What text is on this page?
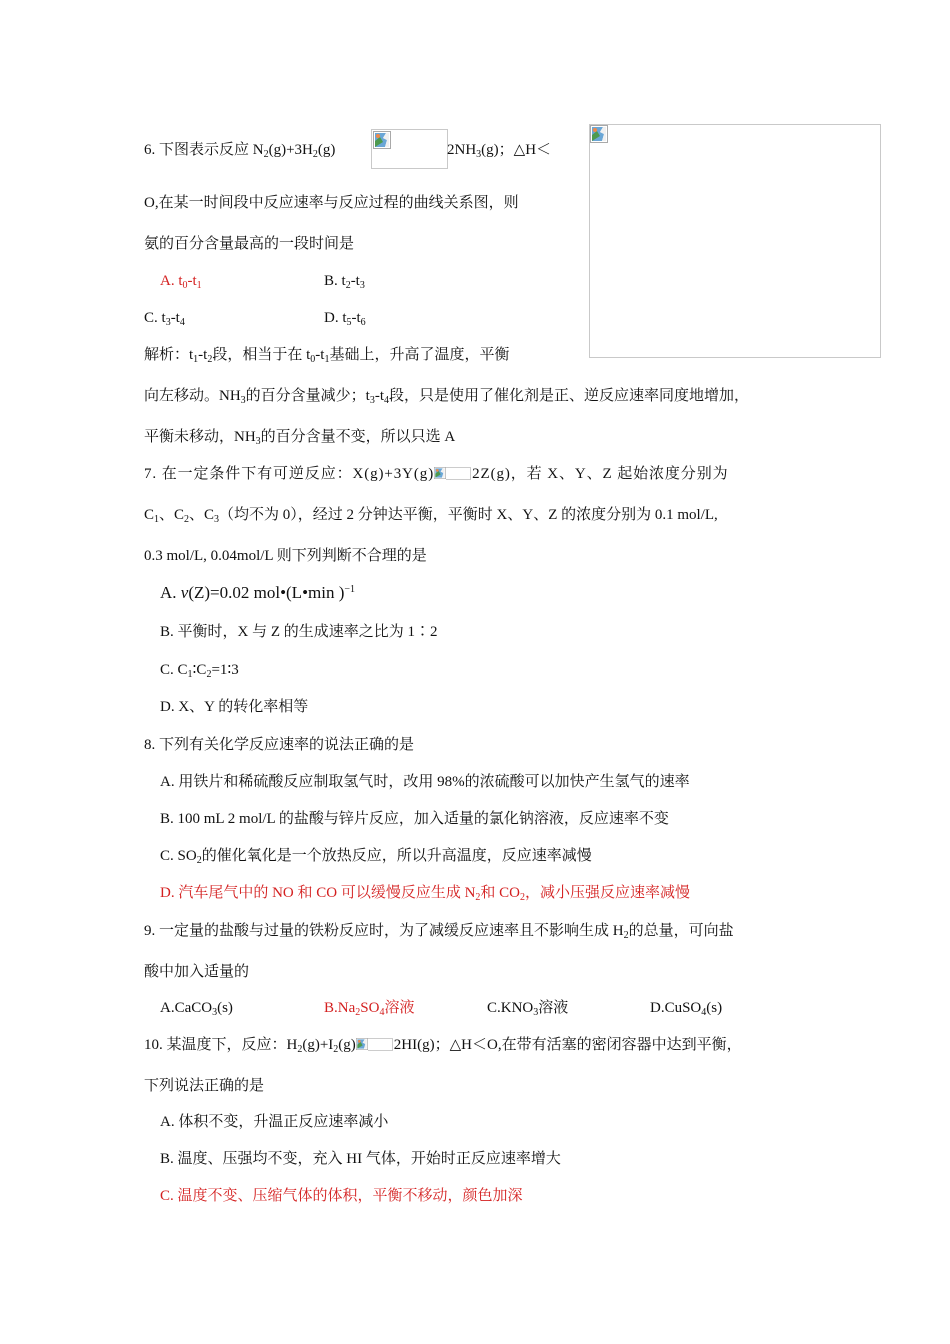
6. 下图表示反应 $N_2(g)+3H_2(g)$	$2NH_3(g)$；△H＜
O,在某一时间段中反应速率与反应过程的曲线关系图，则
氨的百分含量最高的一段时间是
A. $t_0-t_1$	B. $t_2-t_3$
C. $t_3-t_4$	D. $t_5-t_6$
解析：$t_1-t_2$段，相当于在 $t_0-t_1$基础上，升高了温度，平衡
向左移动。$NH_3$的百分含量减少；$t_3-t_4$段，只是使用了催化剂是正、逆反应速率同度地增加，
平衡未移动，$NH_3$的百分含量不变，所以只选 A
7. 在一定条件下有可逆反应：X(g)+3Y(g)	2Z(g)，若 X、Y、Z 起始浓度分别为
$C_1$、$C_2$、$C_3$（均不为 0），经过 2 分钟达平衡，平衡时 X、Y、Z 的浓度分别为 0.1 mol/L,
0.3 mol/L, 0.04mol/L 则下列判断不合理的是
A. v(Z)=0.02 mol•(L•min )$^{-1}$
B. 平衡时，X 与 Z 的生成速率之比为 1∶2
C. $C_1∶C_2=1∶3$
D. X、Y 的转化率相等
8. 下列有关化学反应速率的说法正确的是
A. 用铁片和稀硫酸反应制取氢气时，改用 98%的浓硫酸可以加快产生氢气的速率
B. 100 mL 2 mol/L 的盐酸与锌片反应，加入适量的氯化钠溶液，反应速率不变
C. $SO_2$的催化氧化是一个放热反应，所以升高温度，反应速率减慢
D. 汽车尾气中的 NO 和 CO 可以缓慢反应生成 $N_2$和 $CO_2$，减小压强反应速率减慢
9. 一定量的盐酸与过量的铁粉反应时，为了减缓反应速率且不影响生成 $H_2$的总量，可向盐
酸中加入适量的
A.CaCO$_3$(s)	$B.Na_2SO_4$溶液	$C.KNO_3$溶液	D.CuSO$_4$(s)
10. 某温度下，反应：$H_2(g)+I_2(g)$	2HI(g)；△H＜O,在带有活塞的密闭容器中达到平衡，
下列说法正确的是
A. 体积不变，升温正反应速率减小
B. 温度、压强均不变，充入 HI 气体，开始时正反应速率增大
C. 温度不变、压缩气体的体积，平衡不移动，颜色加深
